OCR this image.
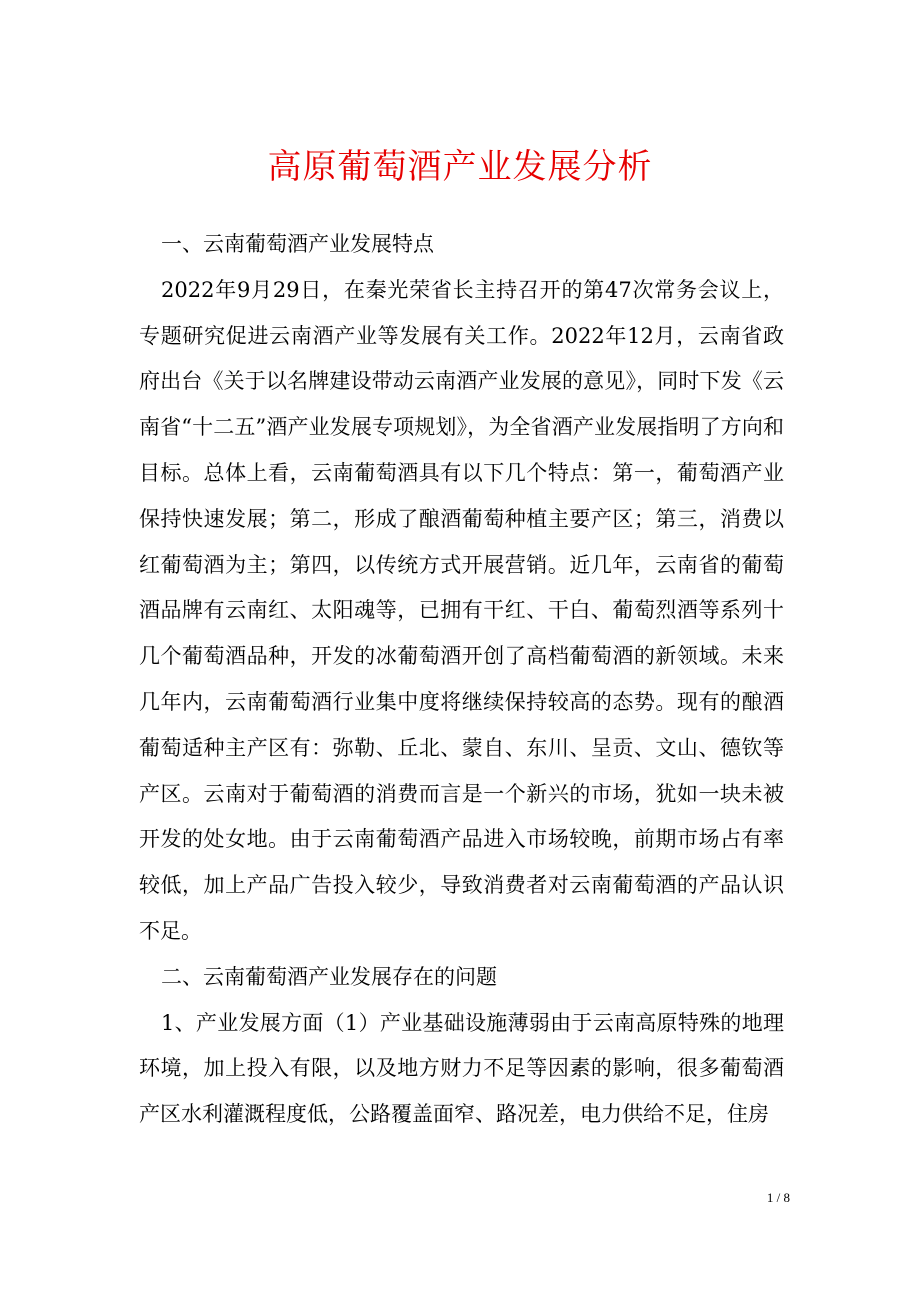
高原葡萄酒产业发展分析

一、云南葡萄酒产业发展特点

2022年9月29日，在秦光荣省长主持召开的第47次常务会议上，专题研究促进云南酒产业等发展有关工作。2022年12月，云南省政府出台《关于以名牌建设带动云南酒产业发展的意见》，同时下发《云南省“十二五”酒产业发展专项规划》，为全省酒产业发展指明了方向和目标。总体上看，云南葡萄酒具有以下几个特点：第一，葡萄酒产业保持快速发展；第二，形成了酿酒葡萄种植主要产区；第三，消费以红葡萄酒为主；第四，以传统方式开展营销。近几年，云南省的葡萄酒品牌有云南红、太阳魂等，已拥有干红、干白、葡萄烈酒等系列十几个葡萄酒品种，开发的冰葡萄酒开创了高档葡萄酒的新领域。未来几年内，云南葡萄酒行业集中度将继续保持较高的态势。现有的酿酒葡萄适种主产区有：弥勒、丘北、蒙自、东川、呈贡、文山、德钦等产区。云南对于葡萄酒的消费而言是一个新兴的市场，犹如一块未被开发的处女地。由于云南葡萄酒产品进入市场较晚，前期市场占有率较低，加上产品广告投入较少，导致消费者对云南葡萄酒的产品认识不足。

二、云南葡萄酒产业发展存在的问题

1、产业发展方面（1）产业基础设施薄弱由于云南高原特殊的地理环境，加上投入有限，以及地方财力不足等因素的影响，很多葡萄酒产区水利灌溉程度低，公路覆盖面窄、路况差，电力供给不足，住房

1 / 8
